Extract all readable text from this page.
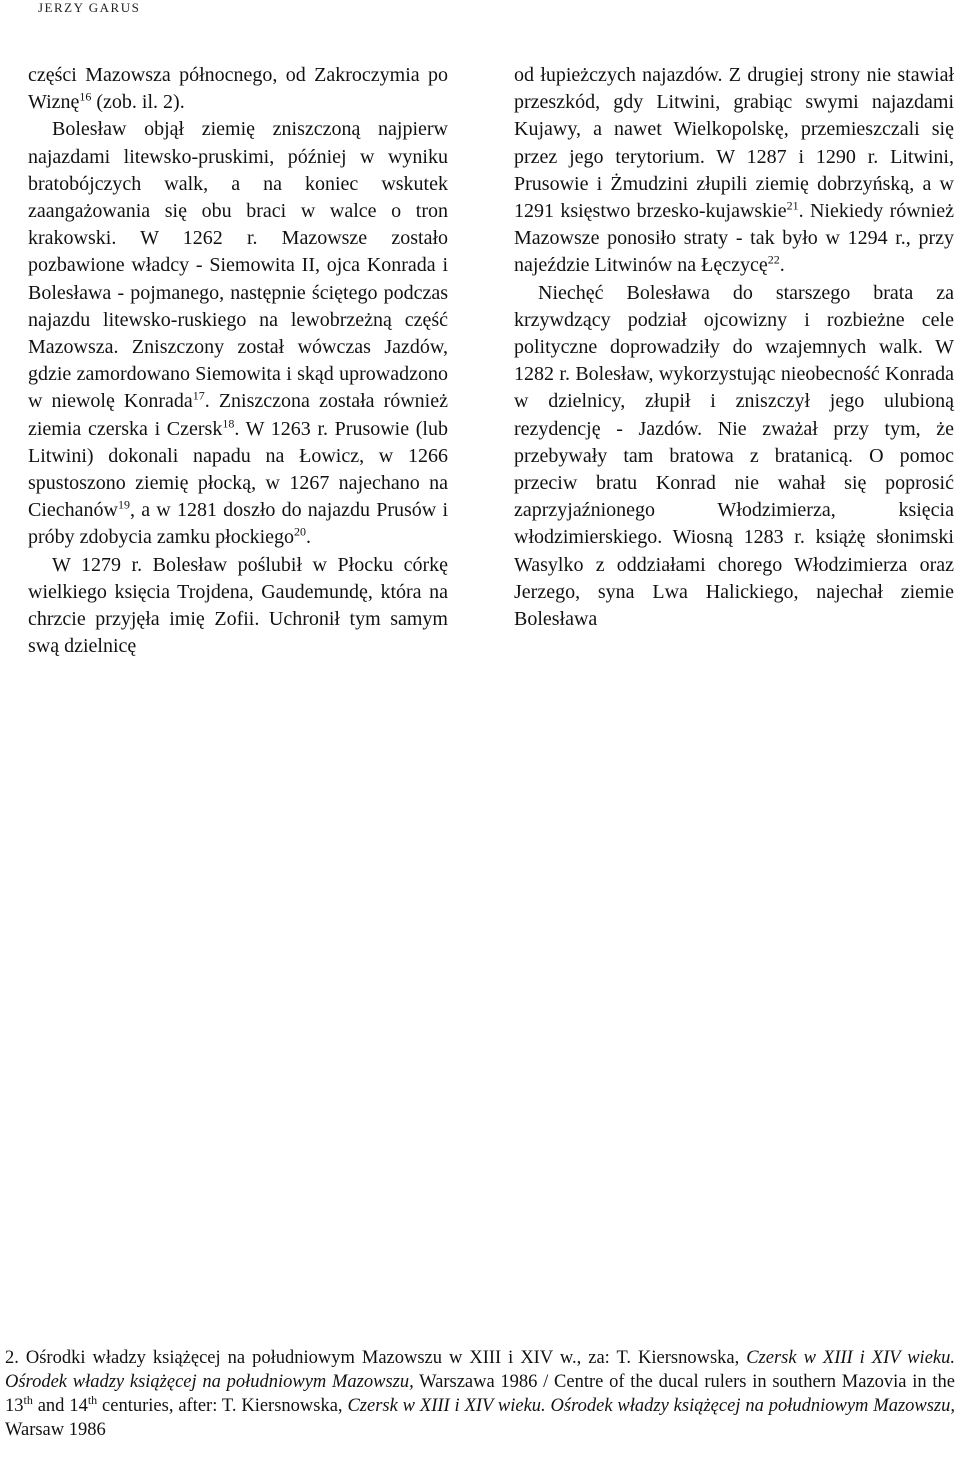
JERZY GARUS

części Mazowsza północnego, od Zakroczymia po Wiznę$^{16}$ (zob. il. 2).

Bolesław objął ziemię zniszczoną najpierw najazdami litewsko-pruskimi, później w wyniku bratobójczych walk, a na koniec wskutek zaangażowania się obu braci w walce o tron krakowski. W 1262 r. Mazowsze zostało pozbawione władcy - Siemowita II, ojca Konrada i Bolesława - pojmanego, następnie ściętego podczas najazdu litewsko-ruskiego na lewobrzeżną część Mazowsza. Zniszczony został wówczas Jazdów, gdzie zamordowano Siemowita i skąd uprowadzono w niewolę Konrada$^{17}$. Zniszczona została również ziemia czerska i Czersk$^{18}$. W 1263 r. Prusowie (lub Litwini) dokonali napadu na Łowicz, w 1266 spustoszono ziemię płocką, w 1267 najechano na Ciechanów$^{19}$, a w 1281 doszło do najazdu Prusów i próby zdobycia zamku płockiego$^{20}$.

W 1279 r. Bolesław poślubił w Płocku córkę wielkiego księcia Trojdena, Gaudemundę, która na chrzcie przyjęła imię Zofii. Uchronił tym samym swą dzielnicę

od łupieżczych najazdów. Z drugiej strony nie stawiał przeszkód, gdy Litwini, grabiąc swymi najazdami Kujawy, a nawet Wielkopolskę, przemieszczali się przez jego terytorium. W 1287 i 1290 r. Litwini, Prusowie i Żmudzini złupili ziemię dobrzyńską, a w 1291 księstwo brzesko-kujawskie$^{21}$. Niekiedy również Mazowsze ponosiło straty - tak było w 1294 r., przy najeździe Litwinów na Łęczycę$^{22}$.

Niechęć Bolesława do starszego brata za krzywdzący podział ojcowizny i rozbieżne cele polityczne doprowadziły do wzajemnych walk. W 1282 r. Bolesław, wykorzystując nieobecność Konrada w dzielnicy, złupił i zniszczył jego ulubioną rezydencję - Jazdów. Nie zważał przy tym, że przebywały tam bratowa z bratanicą. O pomoc przeciw bratu Konrad nie wahał się poprosić zaprzyjaźnionego Włodzimierza, księcia włodzimierskiego. Wiosną 1283 r. książę słonimski Wasylko z oddziałami chorego Włodzimierza oraz Jerzego, syna Lwa Halickiego, najechał ziemie Bolesława

2. Ośrodki władzy książęcej na południowym Mazowszu w XIII i XIV w., za: T. Kiersnowska, Czersk w XIII i XIV wieku. Ośrodek władzy książęcej na południowym Mazowszu, Warszawa 1986 / Centre of the ducal rulers in southern Mazovia in the 13th and 14th centuries, after: T. Kiersnowska, Czersk w XIII i XIV wieku. Ośrodek władzy książęcej na południowym Mazowszu, Warsaw 1986
